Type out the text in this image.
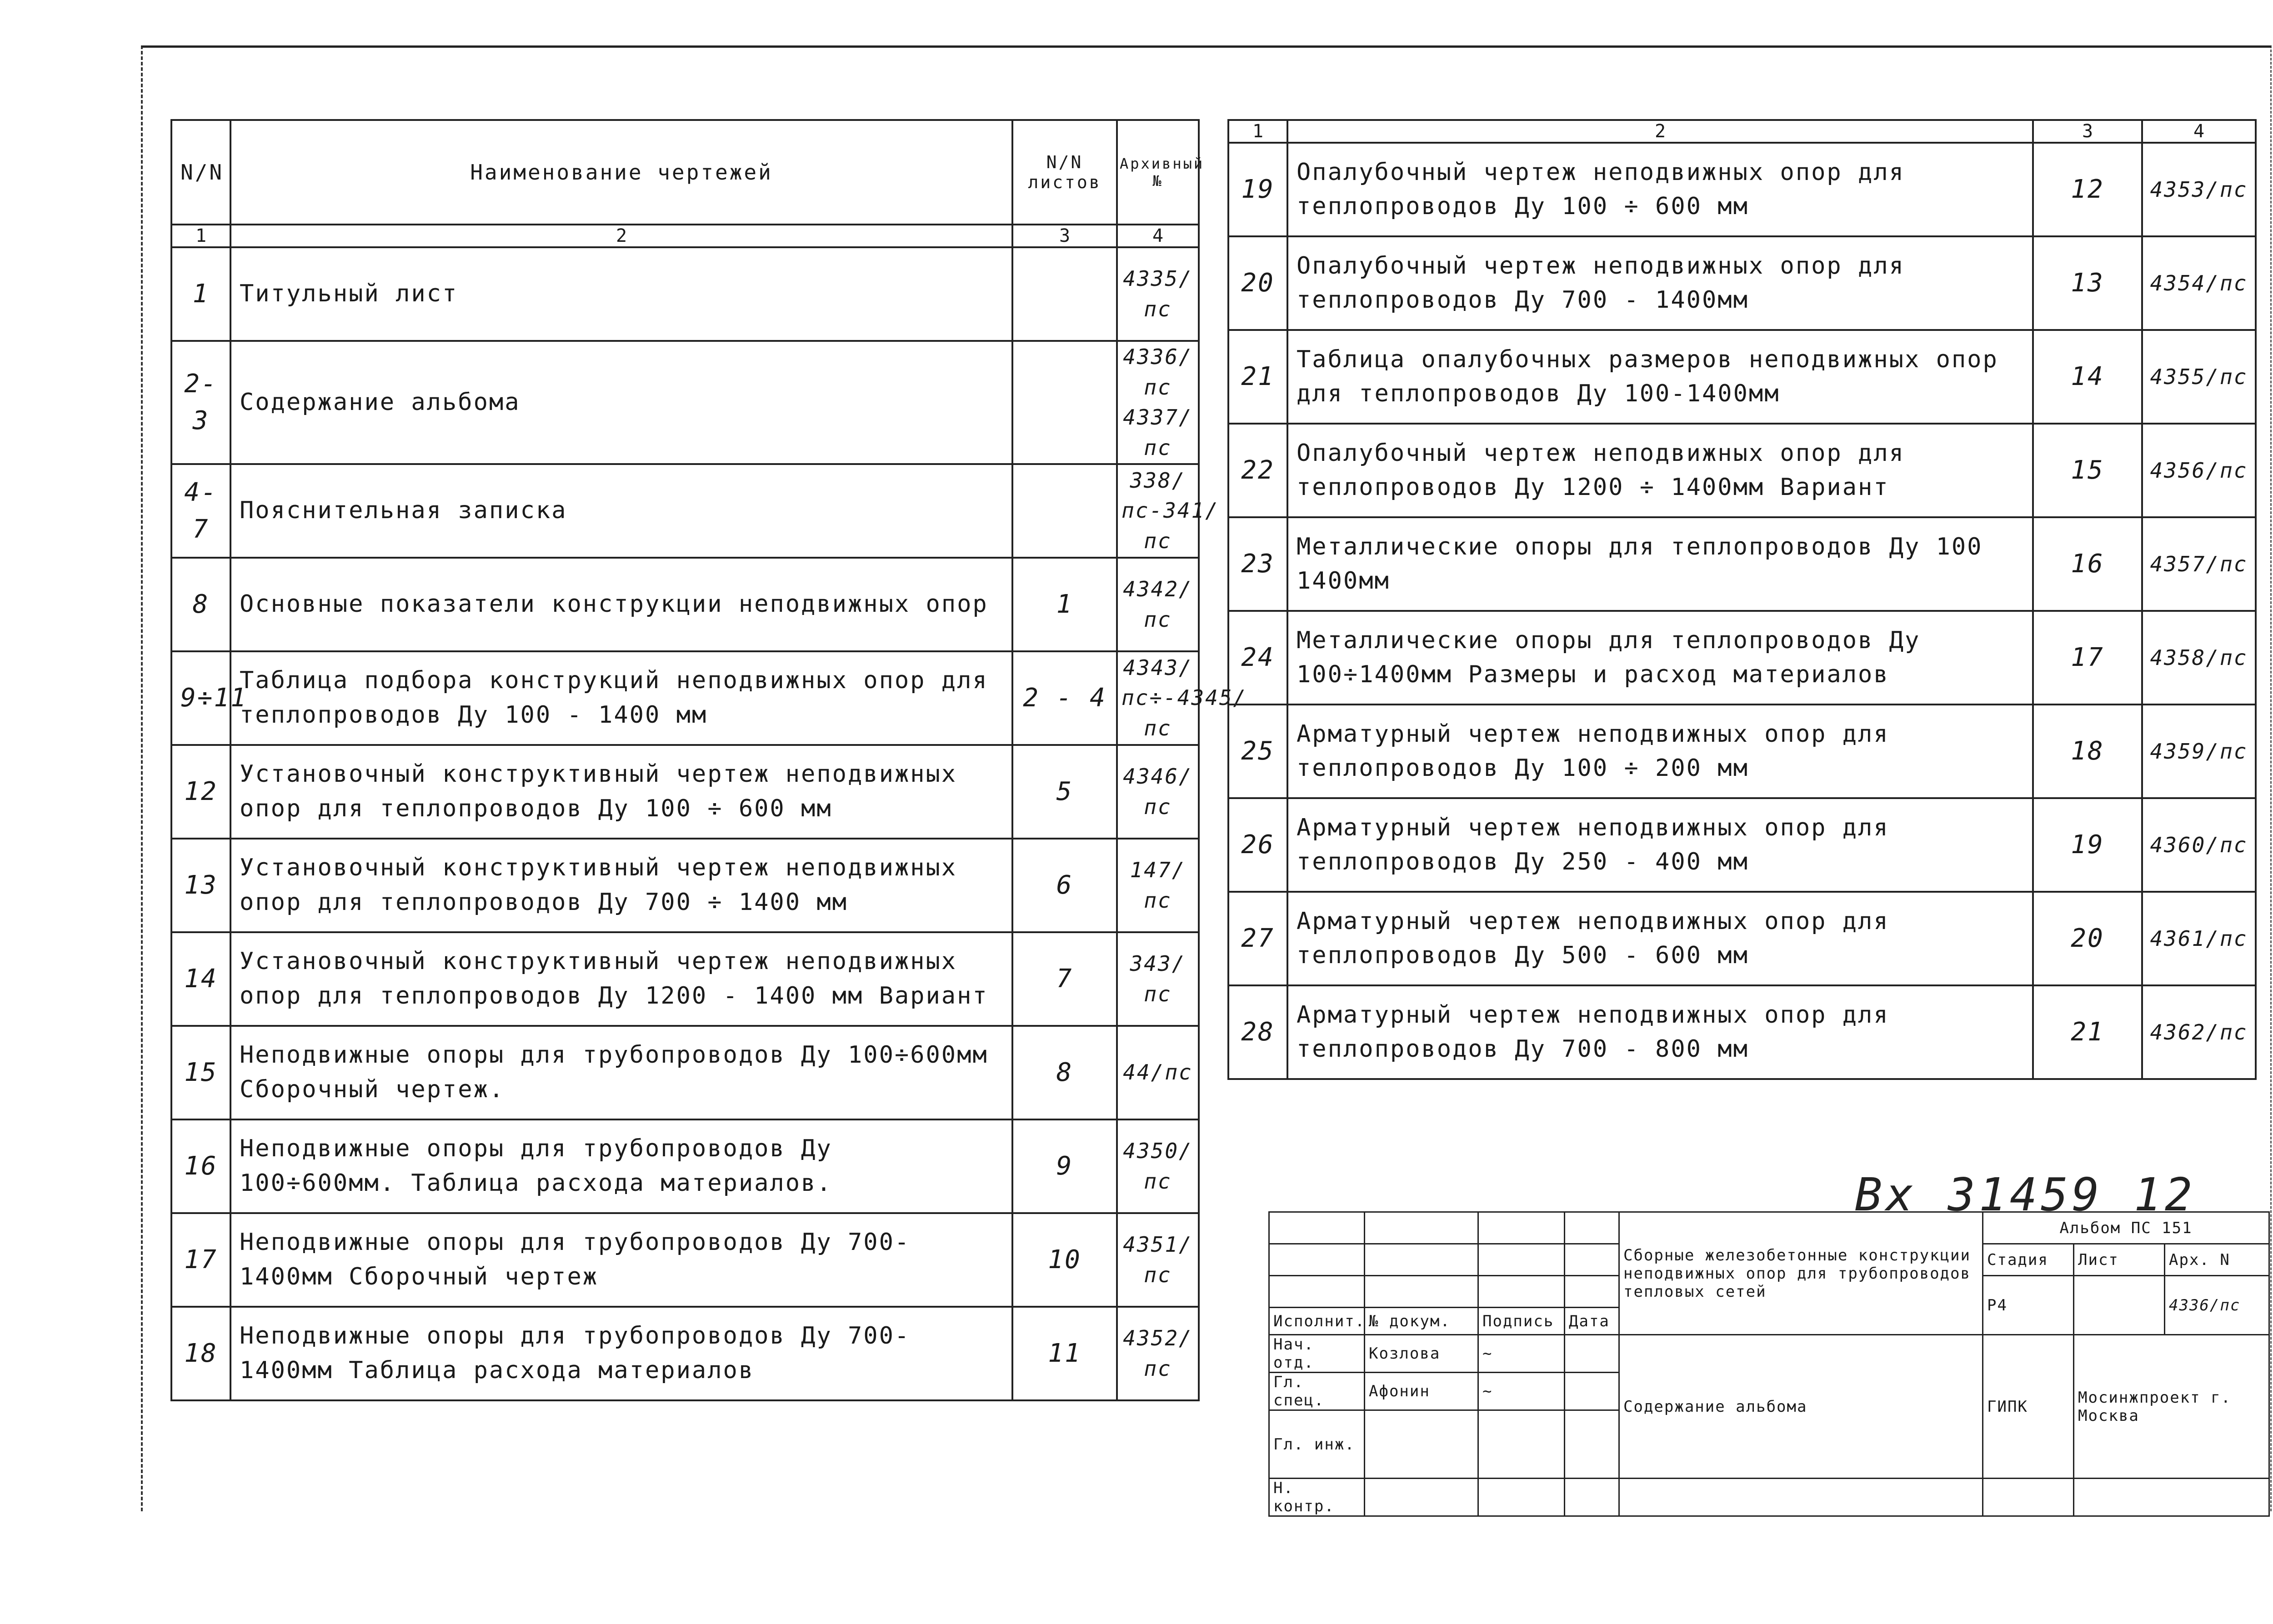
N/N	Наименование чертежей	N/N листов	Архивный №
1	2	3	4
1	Титульный лист		4335/пс
2-3	Содержание альбома		4336/пс 4337/пс
4-7	Пояснительная записка		338/пс-341/пс
8	Основные показатели конструкции неподвижных опор	1	4342/пс
9÷11	Таблица подбора конструкций неподвижных опор для теплопроводов Ду 100 - 1400 мм	2 - 4	4343/пс÷-4345/пс
12	Установочный конструктивный чертеж неподвижных опор для теплопроводов Ду 100 ÷ 600 мм	5	4346/пс
13	Установочный конструктивный чертеж неподвижных опор для теплопроводов Ду 700 ÷ 1400 мм	6	147/пс
14	Установочный конструктивный чертеж неподвижных опор для теплопроводов Ду 1200 - 1400 мм Вариант	7	343/пс
15	Неподвижные опоры для трубопроводов Ду 100÷600мм Сборочный чертеж.	8	44/пс
16	Неподвижные опоры для трубопроводов Ду 100÷600мм. Таблица расхода материалов.	9	4350/пс
17	Неподвижные опоры для трубопроводов Ду 700-1400мм Сборочный чертеж	10	4351/пс
18	Неподвижные опоры для трубопроводов Ду 700-1400мм Таблица расхода материалов	11	4352/пс
1	2	3	4
19	Опалубочный чертеж неподвижных опор для теплопроводов Ду 100 ÷ 600 мм	12	4353/пс
20	Опалубочный чертеж неподвижных опор для теплопроводов Ду 700 - 1400мм	13	4354/пс
21	Таблица опалубочных размеров неподвижных опор для теплопроводов Ду 100-1400мм	14	4355/пс
22	Опалубочный чертеж неподвижных опор для теплопроводов Ду 1200 ÷ 1400мм Вариант	15	4356/пс
23	Металлические опоры для теплопроводов Ду 100 1400мм	16	4357/пс
24	Металлические опоры для теплопроводов Ду 100÷1400мм Размеры и расход материалов	17	4358/пс
25	Арматурный чертеж неподвижных опор для теплопроводов Ду 100 ÷ 200 мм	18	4359/пс
26	Арматурный чертеж неподвижных опор для теплопроводов Ду 250 - 400 мм	19	4360/пс
27	Арматурный чертеж неподвижных опор для теплопроводов Ду 500 - 600 мм	20	4361/пс
28	Арматурный чертеж неподвижных опор для теплопроводов Ду 700 - 800 мм	21	4362/пс
Вх 31459 12
				Сборные железобетонные конструкции неподвижных опор для трубопроводов тепловых сетей	Альбом ПС 151		
					Стадия	Лист	Арх. N
					Р4		4336/пс
Исполнит.	№ докум.	Подпись	Дата				
Нач. отд.	Козлова	~		Содержание альбома	ГИПК	Мосинжпроект г. Москва	
Гл. спец.	Афонин	~					
Гл. инж.							
Н. контр.							
